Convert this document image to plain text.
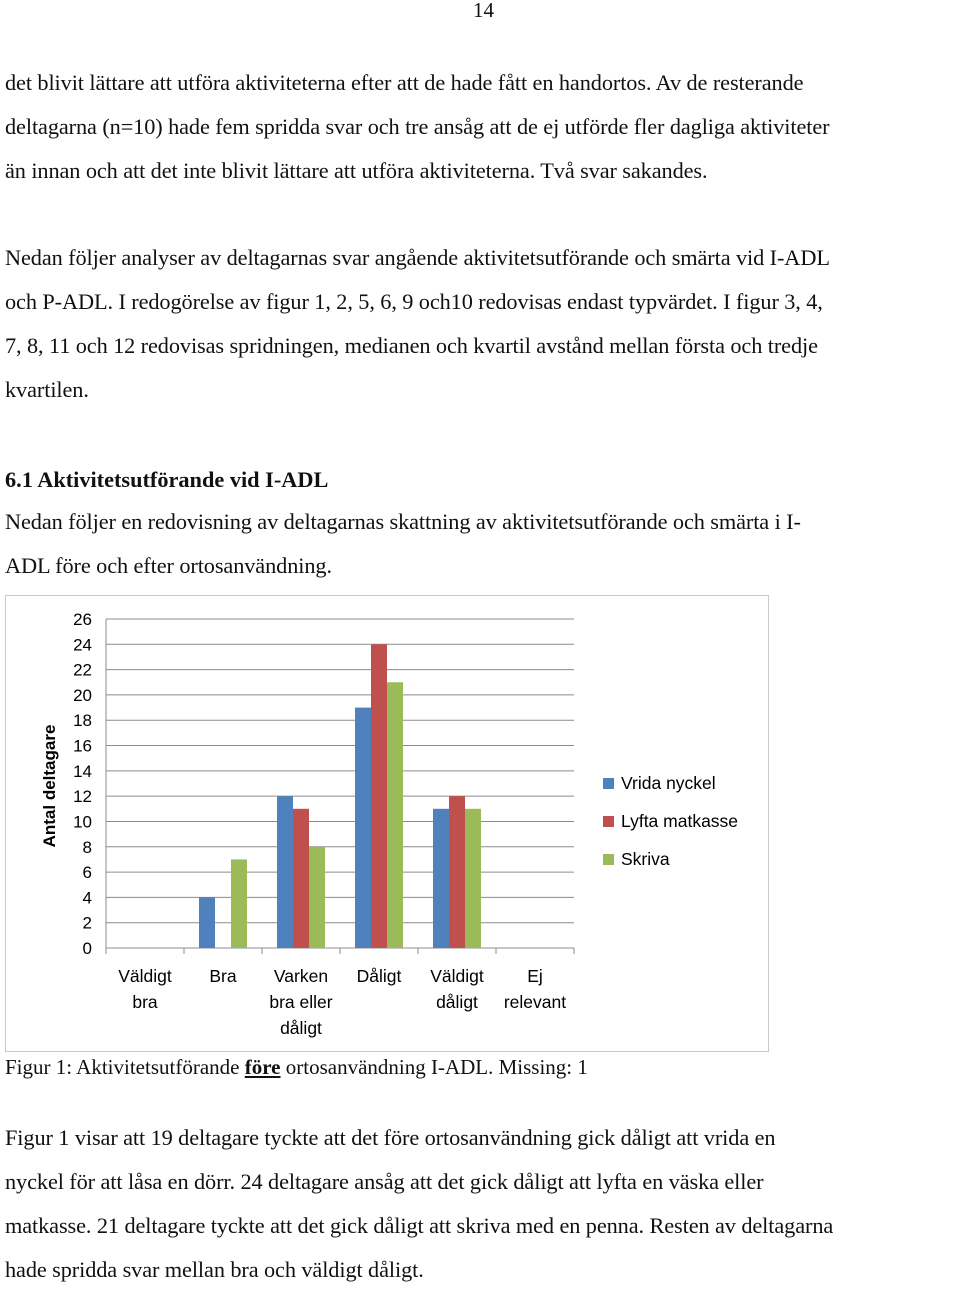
14
det blivit lättare att utföra aktiviteterna efter att de hade fått en handortos. Av de resterande
deltagarna (n=10) hade fem spridda svar och tre ansåg att de ej utförde fler dagliga aktiviteter
än innan och att det inte blivit lättare att utföra aktiviteterna. Två svar sakandes.
Nedan följer analyser av deltagarnas svar angående aktivitetsutförande och smärta vid I-ADL
och P-ADL. I redogörelse av figur 1, 2, 5, 6, 9 och10 redovisas endast typvärdet. I figur 3, 4,
7, 8, 11 och 12 redovisas spridningen, medianen och kvartil avstånd mellan första och tredje
kvartilen.
6.1 Aktivitetsutförande vid I-ADL
Nedan följer en redovisning av deltagarnas skattning av aktivitetsutförande och smärta i I-
ADL före och efter ortosanvändning.
0
2
4
6
8
10
12
14
16
18
20
22
24
26
Väldigt
bra
Bra Varken
bra eller
dåligt
Dåligt Väldigt
dåligt
Ej
relevant
Antal deltagare	Vrida nyckel
Lyfta matkasse
Skriva
Figur 1: Aktivitetsutförande före ortosanvändning I-ADL. Missing: 1
Figur 1 visar att 19 deltagare tyckte att det före ortosanvändning gick dåligt att vrida en
nyckel för att låsa en dörr. 24 deltagare ansåg att det gick dåligt att lyfta en väska eller
matkasse. 21 deltagare tyckte att det gick dåligt att skriva med en penna. Resten av deltagarna
hade spridda svar mellan bra och väldigt dåligt.
